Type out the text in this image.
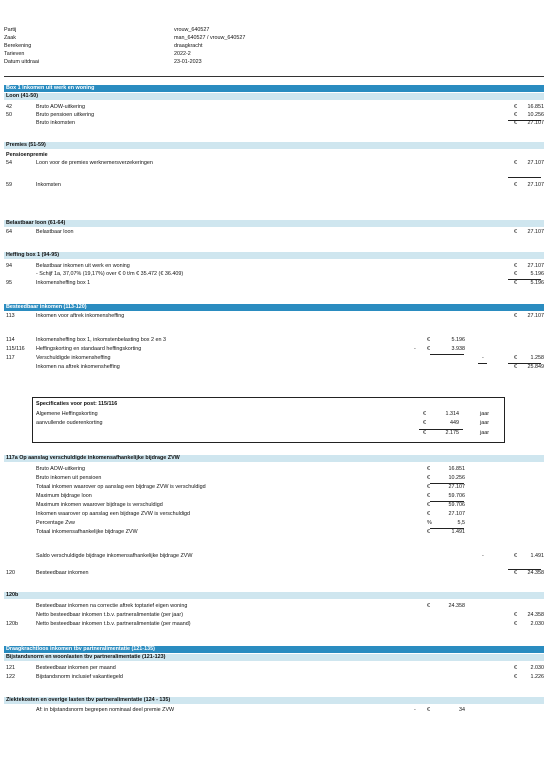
Partij	vrouw_640527
Zaak	man_640527 / vrouw_640527
Berekening	draagkracht
Tarieven	2022-2
Datum uitdraai	23-01-2023
Box 1 Inkomen uit werk en woning
Loon (41-50)
42	Bruto AOW-uitkering	€	16.851
50	Bruto pensioen uitkering	€	10.256
Bruto inkomsten	€	27.107
Premies (51-59)
Pensioenpremie
54	Loon voor de premies werknemersverzekeringen	€	27.107
59	Inkomsten	€	27.107
Belastbaar loon (61-64)
64	Belastbaar loon	€	27.107
Heffing box 1 (94-95)
94	Belastbaar inkomen uit werk en woning	€	27.107
- Schijf 1a, 37,07% (19,17%) over € 0 t/m € 35.472 (€ 36.409)	€	5.196
95	Inkomensheffing box 1	€	5.196
Besteedbaar inkomen (113-120)
113	Inkomen voor aftrek inkomensheffing	€	27.107
114	Inkomensheffing box 1, inkomstenbelasting box 2 en 3	€	5.196
115/116 Heffingskorting en standaard heffingskorting	- €	3.938
117	Verschuldigde inkomensheffing	-	€	1.258
Inkomen na aftrek inkomensheffing	€	25.849
Specificaties voor post: 115/116
Algemene Heffingskorting	€	1.314	jaar
aanvullende ouderenkorting	€	449	jaar
€	2.175	jaar
117a Op aanslag verschuldigde inkomensafhankelijke bijdrage ZVW
Bruto AOW-uitkering	€	16.851
Bruto inkomen uit pensioen	€	10.256
Totaal inkomen waarover op aanslag een bijdrage ZVW is verschuldigd	€	27.107
Maximum bijdrage loon	€	59.706
Maximum inkomen waarover bijdrage is verschuldigd	€	59.706
Inkomen waarover op aanslag een bijdrage ZVW is verschuldigd	€	27.107
Percentage Zvw	%	5,5
Totaal inkomensafhankelijke bijdrage ZVW	€	1.491
Saldo verschuldigde bijdrage inkomensafhankelijke bijdrage ZVW	-	€	1.491
120	Besteedbaar inkomen	€	24.358
120b
Besteedbaar inkomen na correctie aftrek toptarief eigen woning	€	24.358
Netto besteedbaar inkomen t.b.v. partneralimentatie (per jaar)	€	24.358
120b	Netto besteedbaar inkomen t.b.v. partneralimentatie (per maand)	€	2.030
Draagkrachtloos inkomen tbv partneralimentatie (121-135)
Bijstandsnorm en woonlasten tbv partneralimentatie (121-123)
121	Besteedbaar inkomen per maand	€	2.030
122	Bijstandsnorm inclusief vakantiegeld	€	1.226
Ziektekosten en overige lasten tbv partneralimentatie (124 - 135)
Af: in bijstandsnorm begrepen nominaal deel premie ZVW	- €	34
